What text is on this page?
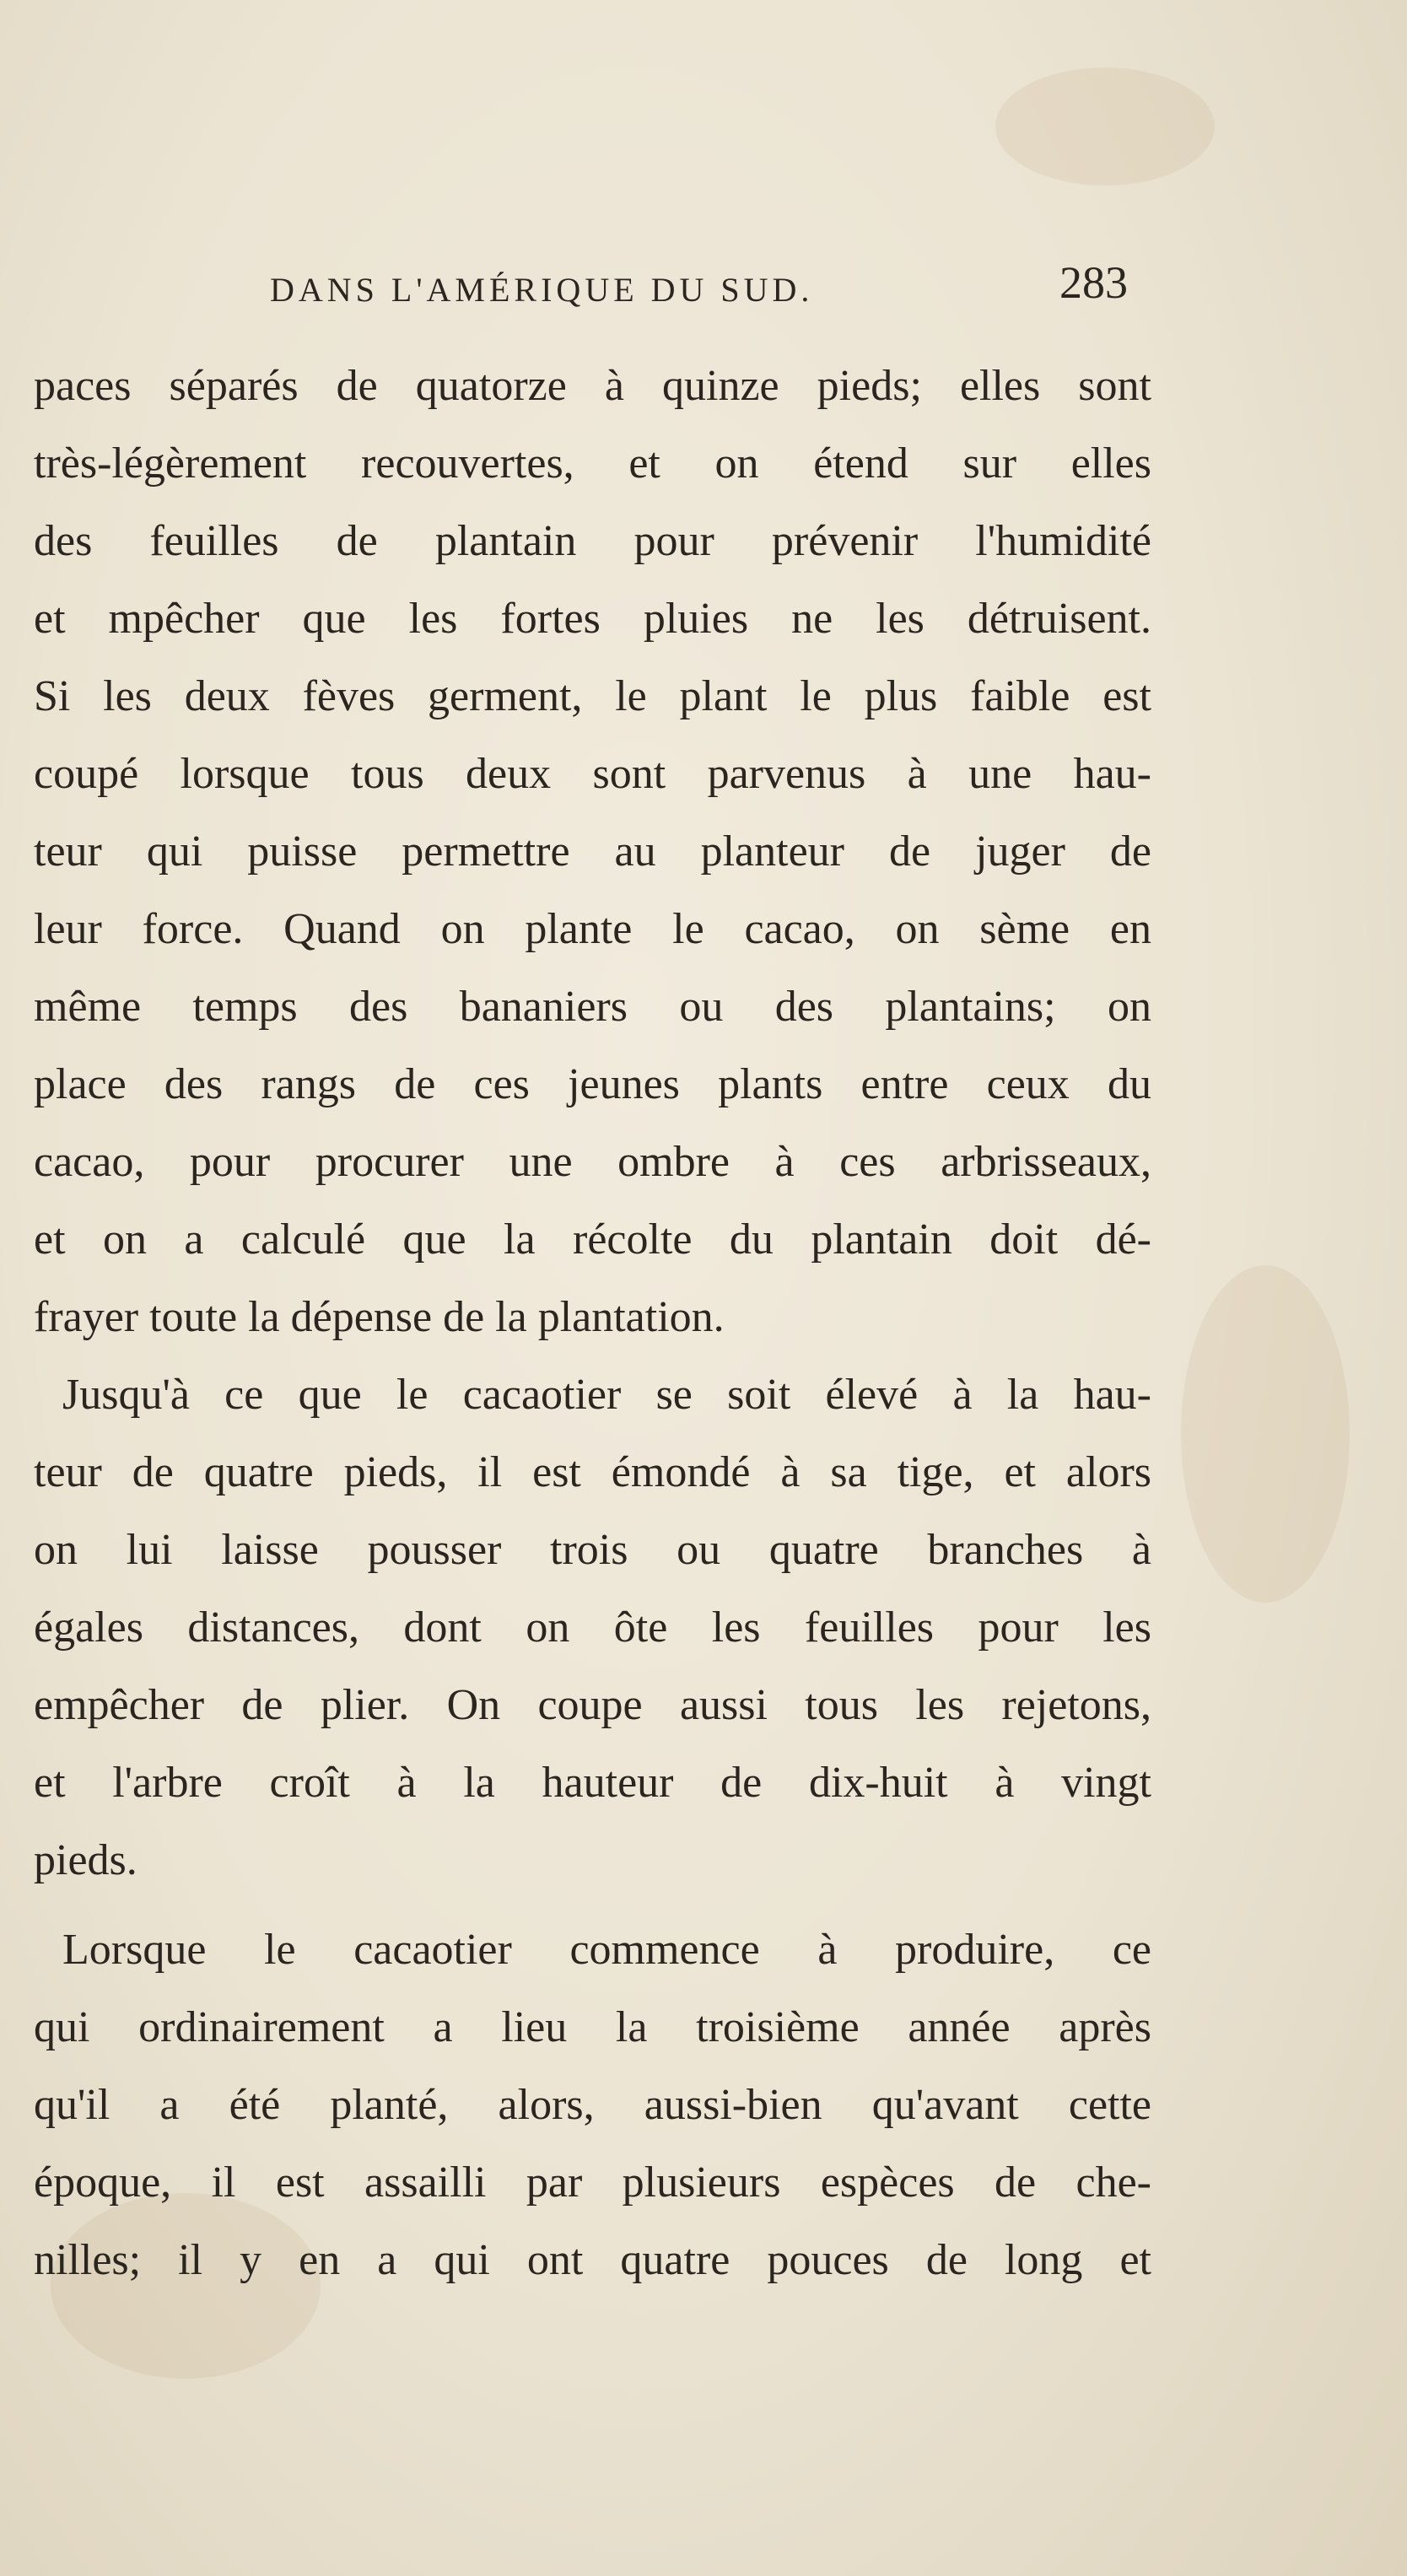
DANS L'AMÉRIQUE DU SUD.	283
paces séparés de quatorze à quinze pieds; elles sont
très-légèrement recouvertes, et on étend sur elles
des feuilles de plantain pour prévenir l'humidité
et mpêcher que les fortes pluies ne les détruisent.
Si les deux fèves germent, le plant le plus faible est
coupé lorsque tous deux sont parvenus à une hau-
teur qui puisse permettre au planteur de juger de
leur force. Quand on plante le cacao, on sème en
même temps des bananiers ou des plantains; on
place des rangs de ces jeunes plants entre ceux du
cacao, pour procurer une ombre à ces arbrisseaux,
et on a calculé que la récolte du plantain doit dé-
frayer toute la dépense de la plantation.
Jusqu'à ce que le cacaotier se soit élevé à la hau-
teur de quatre pieds, il est émondé à sa tige, et alors
on lui laisse pousser trois ou quatre branches à
égales distances, dont on ôte les feuilles pour les
empêcher de plier. On coupe aussi tous les rejetons,
et l'arbre croît à la hauteur de dix-huit à vingt
pieds.
Lorsque le cacaotier commence à produire, ce
qui ordinairement a lieu la troisième année après
qu'il a été planté, alors, aussi-bien qu'avant cette
époque, il est assailli par plusieurs espèces de che-
nilles; il y en a qui ont quatre pouces de long et
